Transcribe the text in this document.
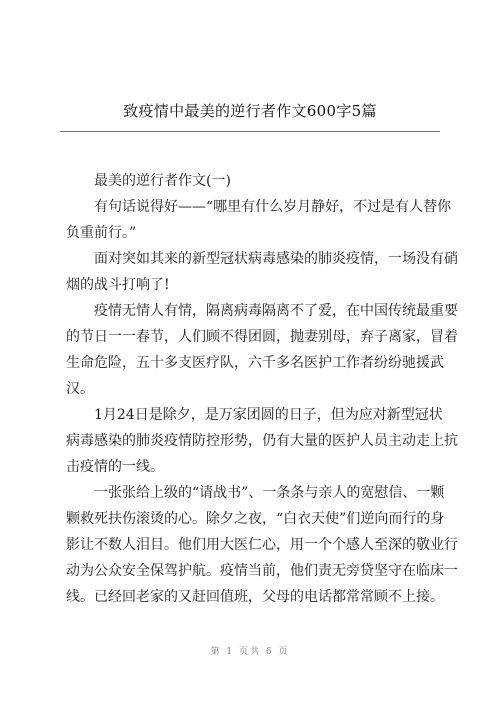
致疫情中最美的逆行者作文600字5篇
最美的逆行者作文(一)
有句话说得好——“哪里有什么岁月静好，不过是有人替你
负重前行。”
面对突如其来的新型冠状病毒感染的肺炎疫情，一场没有硝
烟的战斗打响了!
疫情无情人有情，隔离病毒隔离不了爱，在中国传统最重要
的节日一一春节，人们顾不得团圆，抛妻别母，弃子离家，冒着
生命危险，五十多支医疗队，六千多名医护工作者纷纷驰援武
汉。
1月24日是除夕，是万家团圆的日子，但为应对新型冠状
病毒感染的肺炎疫情防控形势，仍有大量的医护人员主动走上抗
击疫情的一线。
一张张给上级的“请战书”、一条条与亲人的宽慰信、一颗
颗救死扶伤滚烫的心。除夕之夜，“白衣天使”们逆向而行的身
影让不数人泪目。他们用大医仁心，用一个个感人至深的敬业行
动为公众安全保驾护航。疫情当前，他们责无旁贷坚守在临床一
线。已经回老家的又赶回值班，父母的电话都常常顾不上接。
第 1 页共 6 页
